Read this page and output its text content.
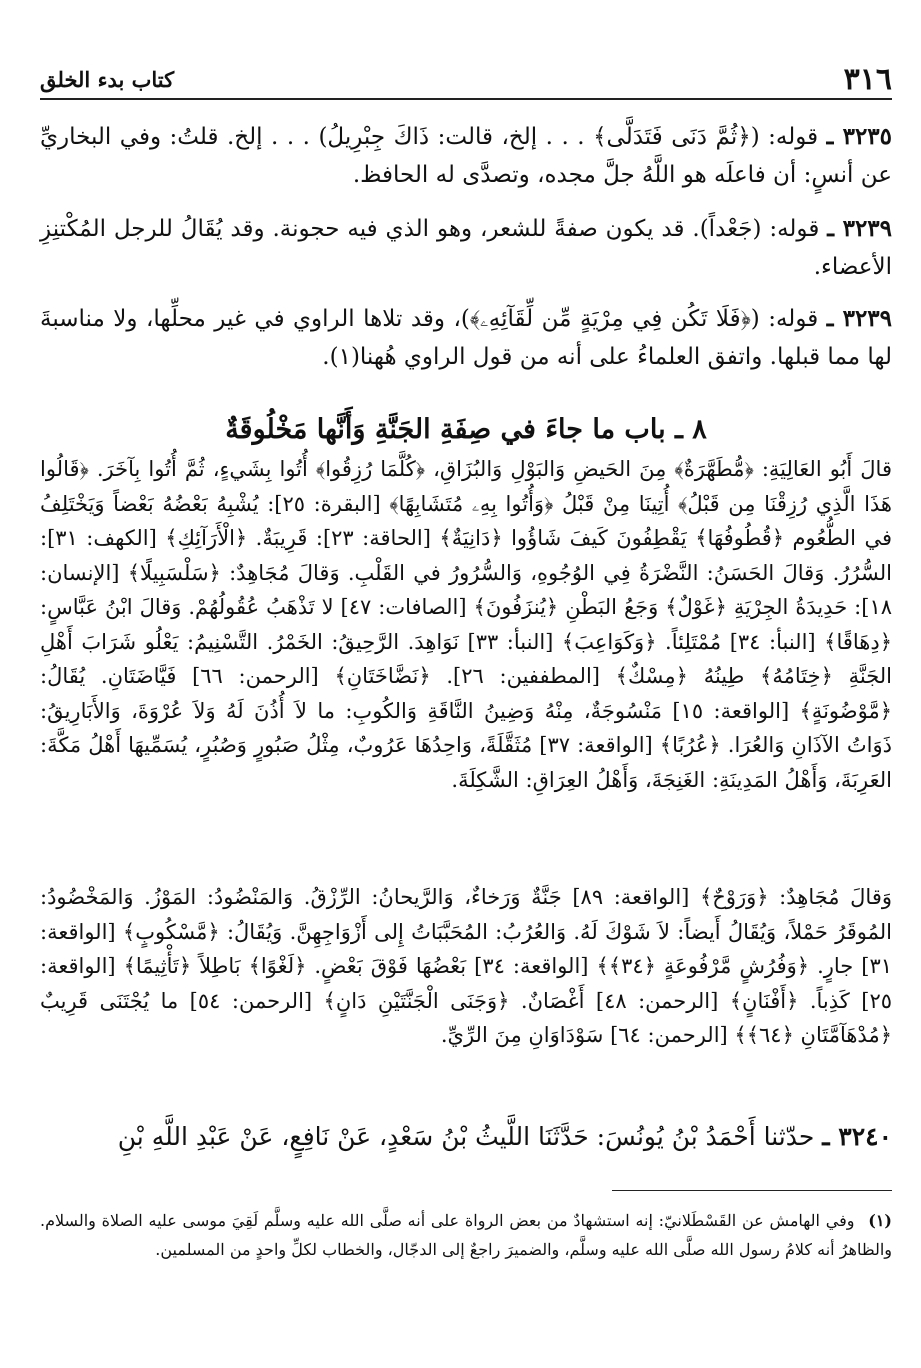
٣١٦
كتاب بدء الخلق

٣٢٣٥ ـ قوله: (﴿ثُمَّ دَنَى فَتَدَلَّى﴾ . . . إلخ، قالت: ذَاكَ جِبْرِيلُ) . . . إلخ. قلتُ: وفي البخاريِّ عن أنسٍ: أن فاعلَه هو اللَّهُ جلَّ مجده، وتصدَّى له الحافظ.

٣٢٣٩ ـ قوله: (جَعْداً). قد يكون صفةً للشعر، وهو الذي فيه حجونة. وقد يُقَالُ للرجل المُكْتنِزِ الأعضاء.

٣٢٣٩ ـ قوله: (﴿فَلَا تَكُن فِي مِرْيَةٍ مِّن لِّقَآئِهِۦ﴾)، وقد تلاها الراوي في غير محلِّها، ولا مناسبةَ لها مما قبلها. واتفق العلماءُ على أنه من قول الراوي هُهنا(١).

٨ ـ باب ما جاءَ في صِفَةِ الجَنَّةِ وَأَنَّها مَخْلُوقَةٌ

قالَ أَبُو العَالِيَةِ: ﴿مُّطَهَّرَةٌ﴾ مِنَ الحَيضِ وَالبَوْلِ وَالبُزَاقِ، ﴿كُلَّمَا رُزِقُوا﴾ أُتُوا بِشَيءٍ، ثُمَّ أُتُوا بِآخَرَ. ﴿قَالُوا هَذَا الَّذِي رُزِقْنَا مِن قَبْلُ﴾ أُتِينَا مِنْ قَبْلُ ﴿وَأُتُوا بِهِۦ مُتَشَابِهًا﴾ [البقرة: ٢٥]: يُشْبِهُ بَعْضُهُ بَعْضاً وَيَخْتَلِفُ في الطُّعُوم ﴿قُطُوفُهَا﴾ يَقْطِفُونَ كَيفَ شَاؤُوا ﴿دَانِيَةٌ﴾ [الحاقة: ٢٣]: قَرِيبَةٌ. ﴿الْأَرَآئِكِ﴾ [الكهف: ٣١]: السُّرُرُ. وَقالَ الحَسَنُ: النَّضْرَةُ فِي الوُجُوهِ، وَالسُّرُورُ في القَلْبِ. وَقالَ مُجَاهِدٌ: ﴿سَلْسَبِيلًا﴾ [الإنسان: ١٨]: حَدِيدَةُ الجِرْيَةِ ﴿غَوْلٌ﴾ وَجَعُ البَطْنِ ﴿يُنزَفُونَ﴾ [الصافات: ٤٧] لا تَذْهَبُ عُقُولُهُمْ. وَقالَ ابْنُ عَبَّاسٍ: ﴿دِهَاقًا﴾ [النبأ: ٣٤] مُمْتَلِئاً. ﴿وَكَوَاعِبَ﴾ [النبأ: ٣٣] نَوَاهِدَ. الرَّحِيقُ: الخَمْرُ. التَّسْنِيمُ: يَعْلُو شَرَابَ أَهْلِ الجَنَّةِ ﴿خِتَامُهُ﴾ طِينُهُ ﴿مِسْكٌ﴾ [المطففين: ٢٦]. ﴿نَضَّاخَتَانِ﴾ [الرحمن: ٦٦] فَيَّاضَتَانِ. يُقَالُ: ﴿مَّوْضُونَةٍ﴾ [الواقعة: ١٥] مَنْسُوجَةٌ، مِنْهُ وَضِينُ النَّاقَةِ وَالكُوبِ: ما لاَ أُذُنَ لَهُ وَلاَ عُرْوَةَ، وَالأَبَارِيقُ: ذَوَاتُ الآذَانِ وَالعُرَا. ﴿عُرُبًا﴾ [الواقعة: ٣٧] مُثَقَّلَةً، وَاحِدُهَا عَرُوبٌ، مِثْلُ صَبُورٍ وَصُبُرٍ، يُسَمِّيهَا أَهْلُ مَكَّةَ: العَرِبَةَ، وَأَهْلُ المَدِينَةِ: الغَنِجَةَ، وَأَهْلُ العِرَاقِ: الشَّكِلَةَ.

وَقالَ مُجَاهِدٌ: ﴿وَرَوْحٌ﴾ [الواقعة: ٨٩] جَنَّةٌ وَرَخاءٌ، وَالرَّيحانُ: الرِّزْقُ. وَالمَنْضُودُ: المَوْزُ. وَالمَخْضُودُ: المُوقَرُ حَمْلاً، وَيُقَالُ أَيضاً: لاَ شَوْكَ لَهُ. وَالعُرُبُ: المُحَبَّبَاتُ إِلى أَزْوَاجِهِنَّ. وَيُقَالُ: ﴿مَّسْكُوبٍ﴾ [الواقعة: ٣١] جارٍ. ﴿وَفُرُشٍ مَّرْفُوعَةٍ ﴿٣٤﴾﴾ [الواقعة: ٣٤] بَعْضُهَا فَوْقَ بَعْضٍ. ﴿لَغْوًا﴾ بَاطِلاً ﴿تَأْثِيمًا﴾ [الواقعة: ٢٥] كَذِباً. ﴿أَفْنَانٍ﴾ [الرحمن: ٤٨] أَغْصَانٌ. ﴿وَجَنَى الْجَنَّتَيْنِ دَانٍ﴾ [الرحمن: ٥٤] ما يُجْتَنَى قَرِيبٌ ﴿مُدْهَآمَّتَانِ ﴿٦٤﴾﴾ [الرحمن: ٦٤] سَوْدَاوَانِ مِنَ الرِّيِّ.

٣٢٤٠ ـ حدّثنا أَحْمَدُ بْنُ يُونُسَ: حَدَّثَنَا اللَّيثُ بْنُ سَعْدٍ، عَنْ نَافِعٍ، عَنْ عَبْدِ اللَّهِ بْنِ

(١) وفي الهامش عن القَسْطَلانيّ: إنه استشهادٌ من بعض الرواة على أنه صلَّى الله عليه وسلَّم لَقِيَ موسى عليه الصلاة والسلام. والظاهرُ أنه كلامُ رسول الله صلَّى الله عليه وسلَّم، والضميرَ راجعٌ إلى الدجّال، والخطاب لكلِّ واحدٍ من المسلمين.
